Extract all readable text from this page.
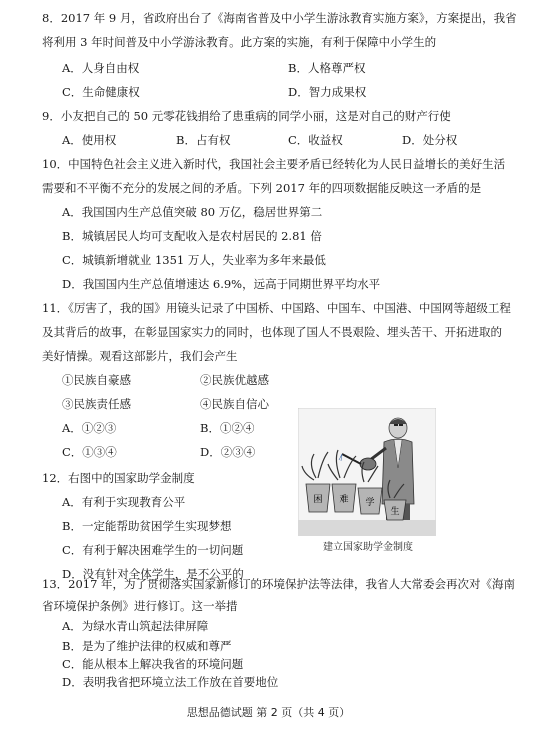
8．2017 年 9 月，省政府出台了《海南省普及中小学生游泳教育实施方案》，方案提出，我省
将利用 3 年时间普及中小学游泳教育。此方案的实施，有利于保障中小学生的
A．人身自由权	B．人格尊严权
C．生命健康权	D．智力成果权
9．小友把自己的 50 元零花钱捐给了患重病的同学小丽，这是对自己的财产行使
A．使用权	B．占有权	C．收益权	D．处分权
10．中国特色社会主义进入新时代，我国社会主要矛盾已经转化为人民日益增长的美好生活
需要和不平衡不充分的发展之间的矛盾。下列 2017 年的四项数据能反映这一矛盾的是
A．我国国内生产总值突破 80 万亿，稳居世界第二
B．城镇居民人均可支配收入是农村居民的 2.81 倍
C．城镇新增就业 1351 万人，失业率为多年来最低
D．我国国内生产总值增速达 6.9%，远高于同期世界平均水平
11．《厉害了，我的国》用镜头记录了中国桥、中国路、中国车、中国港、中国网等超级工程
及其背后的故事，在彰显国家实力的同时，也体现了国人不畏艰险、埋头苦干、开拓进取的
美好情操。观看这部影片，我们会产生
①民族自豪感	②民族优越感
③民族责任感	④民族自信心
A．①②③	B．①②④
C．①③④	D．②③④
12．右图中的国家助学金制度
A．有利于实现教育公平
B．一定能帮助贫困学生实现梦想
C．有利于解决困难学生的一切问题
D．没有针对全体学生，是不公平的
困 难 学
生
建立国家助学金制度
13．2017 年，为了贯彻落实国家新修订的环境保护法等法律，我省人大常委会再次对《海南
省环境保护条例》进行修订。这一举措
A．为绿水青山筑起法律屏障
B．是为了维护法律的权威和尊严
C．能从根本上解决我省的环境问题
思想品德试题 第 2 页（共 4 页）
D．表明我省把环境立法工作放在首要地位
